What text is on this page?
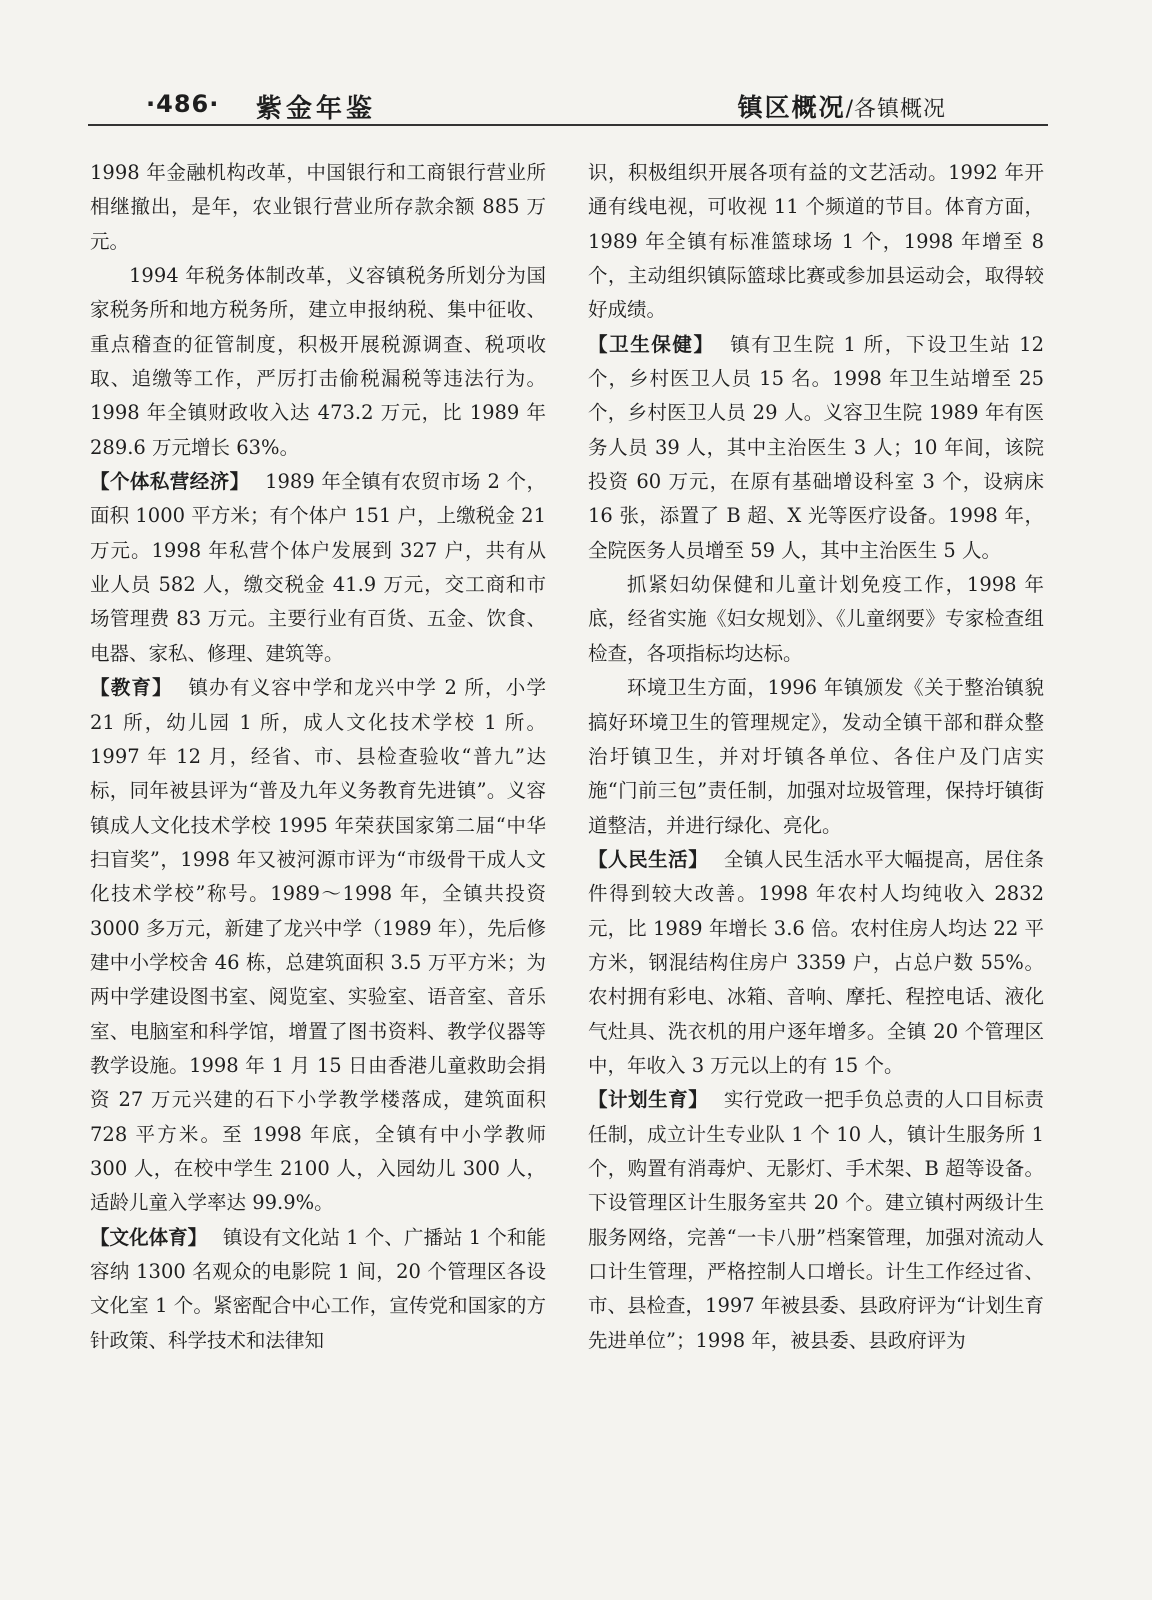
·486· 紫金年鉴	镇区概况/各镇概况

1998 年金融机构改革，中国银行和工商银行营业所相继撤出，是年，农业银行营业所存款余额 885 万元。

1994 年税务体制改革，义容镇税务所划分为国家税务所和地方税务所，建立申报纳税、集中征收、重点稽查的征管制度，积极开展税源调查、税项收取、追缴等工作，严厉打击偷税漏税等违法行为。1998 年全镇财政收入达 473.2 万元，比 1989 年 289.6 万元增长 63%。

【个体私营经济】 1989 年全镇有农贸市场 2 个，面积 1000 平方米；有个体户 151 户，上缴税金 21 万元。1998 年私营个体户发展到 327 户，共有从业人员 582 人，缴交税金 41.9 万元，交工商和市场管理费 83 万元。主要行业有百货、五金、饮食、电器、家私、修理、建筑等。

【教育】 镇办有义容中学和龙兴中学 2 所，小学 21 所，幼儿园 1 所，成人文化技术学校 1 所。1997 年 12 月，经省、市、县检查验收“普九”达标，同年被县评为“普及九年义务教育先进镇”。义容镇成人文化技术学校 1995 年荣获国家第二届“中华扫盲奖”，1998 年又被河源市评为“市级骨干成人文化技术学校”称号。1989～1998 年，全镇共投资 3000 多万元，新建了龙兴中学（1989 年），先后修建中小学校舍 46 栋，总建筑面积 3.5 万平方米；为两中学建设图书室、阅览室、实验室、语音室、音乐室、电脑室和科学馆，增置了图书资料、教学仪器等教学设施。1998 年 1 月 15 日由香港儿童救助会捐资 27 万元兴建的石下小学教学楼落成，建筑面积 728 平方米。至 1998 年底，全镇有中小学教师 300 人，在校中学生 2100 人，入园幼儿 300 人，适龄儿童入学率达 99.9%。

【文化体育】 镇设有文化站 1 个、广播站 1 个和能容纳 1300 名观众的电影院 1 间，20 个管理区各设文化室 1 个。紧密配合中心工作，宣传党和国家的方针政策、科学技术和法律知

识，积极组织开展各项有益的文艺活动。1992 年开通有线电视，可收视 11 个频道的节目。体育方面，1989 年全镇有标准篮球场 1 个，1998 年增至 8 个，主动组织镇际篮球比赛或参加县运动会，取得较好成绩。

【卫生保健】 镇有卫生院 1 所，下设卫生站 12 个，乡村医卫人员 15 名。1998 年卫生站增至 25 个，乡村医卫人员 29 人。义容卫生院 1989 年有医务人员 39 人，其中主治医生 3 人；10 年间，该院投资 60 万元，在原有基础增设科室 3 个，设病床 16 张，添置了 B 超、X 光等医疗设备。1998 年，全院医务人员增至 59 人，其中主治医生 5 人。

抓紧妇幼保健和儿童计划免疫工作，1998 年底，经省实施《妇女规划》、《儿童纲要》专家检查组检查，各项指标均达标。

环境卫生方面，1996 年镇颁发《关于整治镇貌搞好环境卫生的管理规定》，发动全镇干部和群众整治圩镇卫生，并对圩镇各单位、各住户及门店实施“门前三包”责任制，加强对垃圾管理，保持圩镇街道整洁，并进行绿化、亮化。

【人民生活】 全镇人民生活水平大幅提高，居住条件得到较大改善。1998 年农村人均纯收入 2832 元，比 1989 年增长 3.6 倍。农村住房人均达 22 平方米，钢混结构住房户 3359 户，占总户数 55%。农村拥有彩电、冰箱、音响、摩托、程控电话、液化气灶具、洗衣机的用户逐年增多。全镇 20 个管理区中，年收入 3 万元以上的有 15 个。

【计划生育】 实行党政一把手负总责的人口目标责任制，成立计生专业队 1 个 10 人，镇计生服务所 1 个，购置有消毒炉、无影灯、手术架、B 超等设备。下设管理区计生服务室共 20 个。建立镇村两级计生服务网络，完善“一卡八册”档案管理，加强对流动人口计生管理，严格控制人口增长。计生工作经过省、市、县检查，1997 年被县委、县政府评为“计划生育先进单位”；1998 年，被县委、县政府评为
